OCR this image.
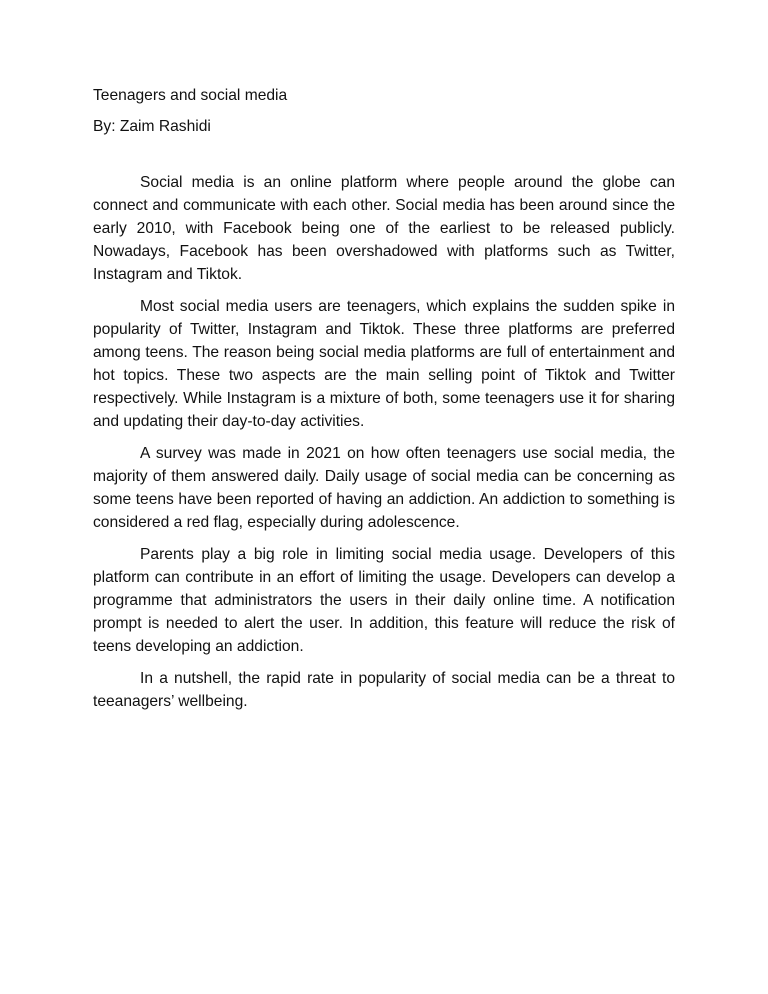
Teenagers and social media

By: Zaim Rashidi

Social media is an online platform where people around the globe can connect and communicate with each other. Social media has been around since the early 2010, with Facebook being one of the earliest to be released publicly. Nowadays, Facebook has been overshadowed with platforms such as Twitter, Instagram and Tiktok.

Most social media users are teenagers, which explains the sudden spike in popularity of Twitter, Instagram and Tiktok. These three platforms are preferred among teens. The reason being social media platforms are full of entertainment and hot topics. These two aspects are the main selling point of Tiktok and Twitter respectively. While Instagram is a mixture of both, some teenagers use it for sharing and updating their day-to-day activities.

A survey was made in 2021 on how often teenagers use social media, the majority of them answered daily. Daily usage of social media can be concerning as some teens have been reported of having an addiction. An addiction to something is considered a red flag, especially during adolescence.

Parents play a big role in limiting social media usage. Developers of this platform can contribute in an effort of limiting the usage. Developers can develop a programme that administrators the users in their daily online time. A notification prompt is needed to alert the user. In addition, this feature will reduce the risk of teens developing an addiction.

In a nutshell, the rapid rate in popularity of social media can be a threat to teeanagers’ wellbeing.
